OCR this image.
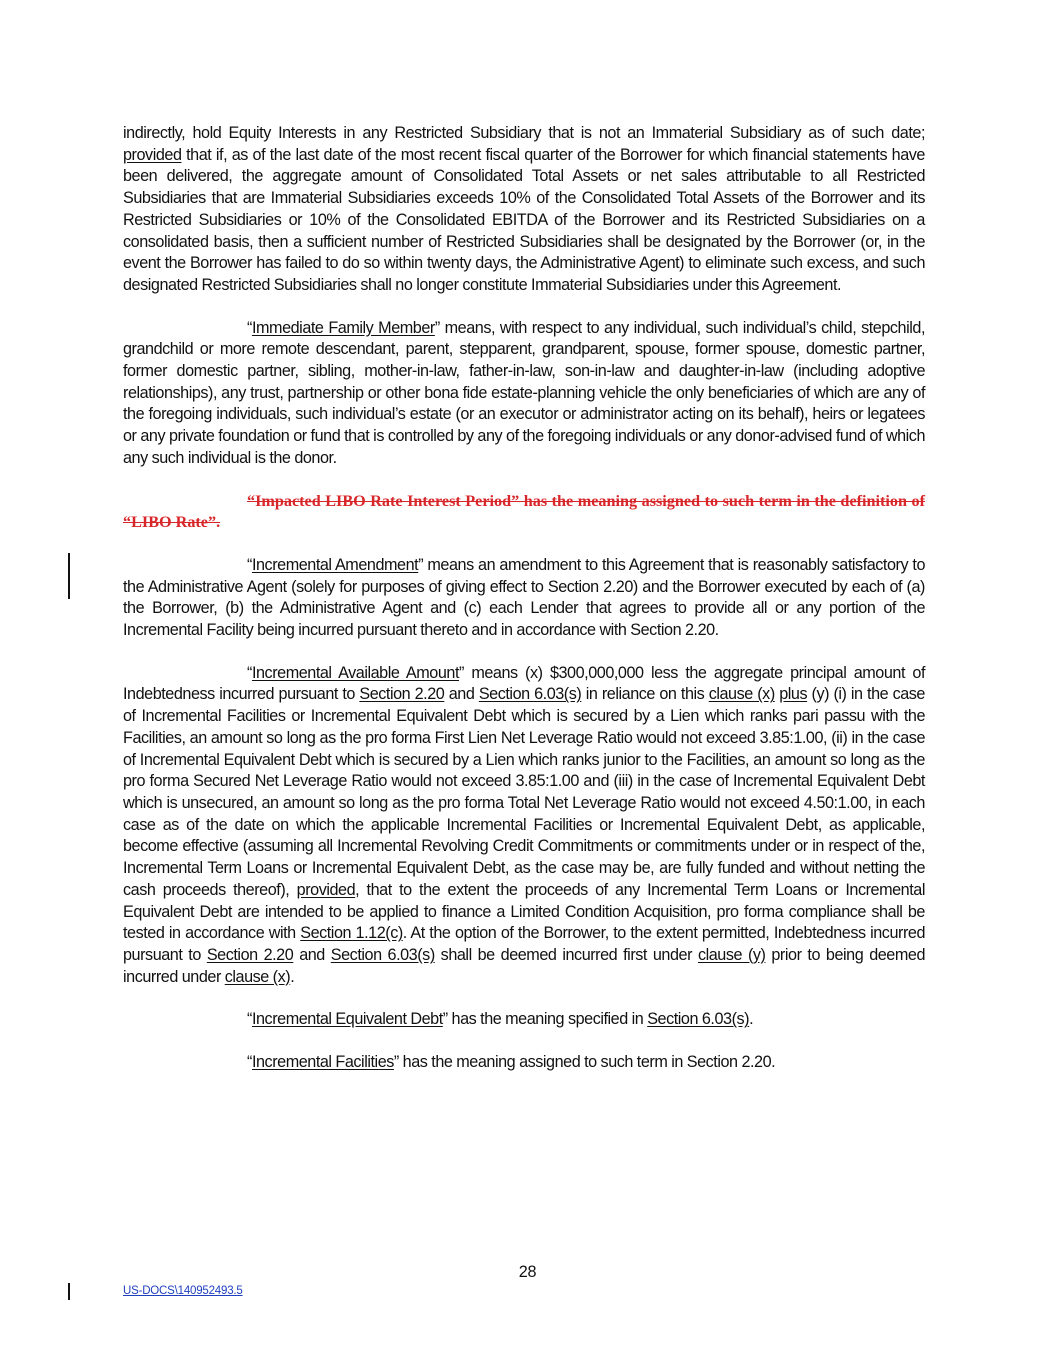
indirectly, hold Equity Interests in any Restricted Subsidiary that is not an Immaterial Subsidiary as of such date; provided that if, as of the last date of the most recent fiscal quarter of the Borrower for which financial statements have been delivered, the aggregate amount of Consolidated Total Assets or net sales attributable to all Restricted Subsidiaries that are Immaterial Subsidiaries exceeds 10% of the Consolidated Total Assets of the Borrower and its Restricted Subsidiaries or 10% of the Consolidated EBITDA of the Borrower and its Restricted Subsidiaries on a consolidated basis, then a sufficient number of Restricted Subsidiaries shall be designated by the Borrower (or, in the event the Borrower has failed to do so within twenty days, the Administrative Agent) to eliminate such excess, and such designated Restricted Subsidiaries shall no longer constitute Immaterial Subsidiaries under this Agreement.

“Immediate Family Member” means, with respect to any individual, such individual’s child, stepchild, grandchild or more remote descendant, parent, stepparent, grandparent, spouse, former spouse, domestic partner, former domestic partner, sibling, mother-in-law, father-in-law, son-in-law and daughter-in-law (including adoptive relationships), any trust, partnership or other bona fide estate-planning vehicle the only beneficiaries of which are any of the foregoing individuals, such individual’s estate (or an executor or administrator acting on its behalf), heirs or legatees or any private foundation or fund that is controlled by any of the foregoing individuals or any donor-advised fund of which any such individual is the donor.

“Impacted LIBO Rate Interest Period” has the meaning assigned to such term in the definition of “LIBO Rate”.

“Incremental Amendment” means an amendment to this Agreement that is reasonably satisfactory to the Administrative Agent (solely for purposes of giving effect to Section 2.20) and the Borrower executed by each of (a) the Borrower, (b) the Administrative Agent and (c) each Lender that agrees to provide all or any portion of the Incremental Facility being incurred pursuant thereto and in accordance with Section 2.20.

“Incremental Available Amount” means (x) $300,000,000 less the aggregate principal amount of Indebtedness incurred pursuant to Section 2.20 and Section 6.03(s) in reliance on this clause (x) plus (y) (i) in the case of Incremental Facilities or Incremental Equivalent Debt which is secured by a Lien which ranks pari passu with the Facilities, an amount so long as the pro forma First Lien Net Leverage Ratio would not exceed 3.85:1.00, (ii) in the case of Incremental Equivalent Debt which is secured by a Lien which ranks junior to the Facilities, an amount so long as the pro forma Secured Net Leverage Ratio would not exceed 3.85:1.00 and (iii) in the case of Incremental Equivalent Debt which is unsecured, an amount so long as the pro forma Total Net Leverage Ratio would not exceed 4.50:1.00, in each case as of the date on which the applicable Incremental Facilities or Incremental Equivalent Debt, as applicable, become effective (assuming all Incremental Revolving Credit Commitments or commitments under or in respect of the, Incremental Term Loans or Incremental Equivalent Debt, as the case may be, are fully funded and without netting the cash proceeds thereof), provided, that to the extent the proceeds of any Incremental Term Loans or Incremental Equivalent Debt are intended to be applied to finance a Limited Condition Acquisition, pro forma compliance shall be tested in accordance with Section 1.12(c). At the option of the Borrower, to the extent permitted, Indebtedness incurred pursuant to Section 2.20 and Section 6.03(s) shall be deemed incurred first under clause (y) prior to being deemed incurred under clause (x).

“Incremental Equivalent Debt” has the meaning specified in Section 6.03(s).

“Incremental Facilities” has the meaning assigned to such term in Section 2.20.

28
US-DOCS\140952493.5
